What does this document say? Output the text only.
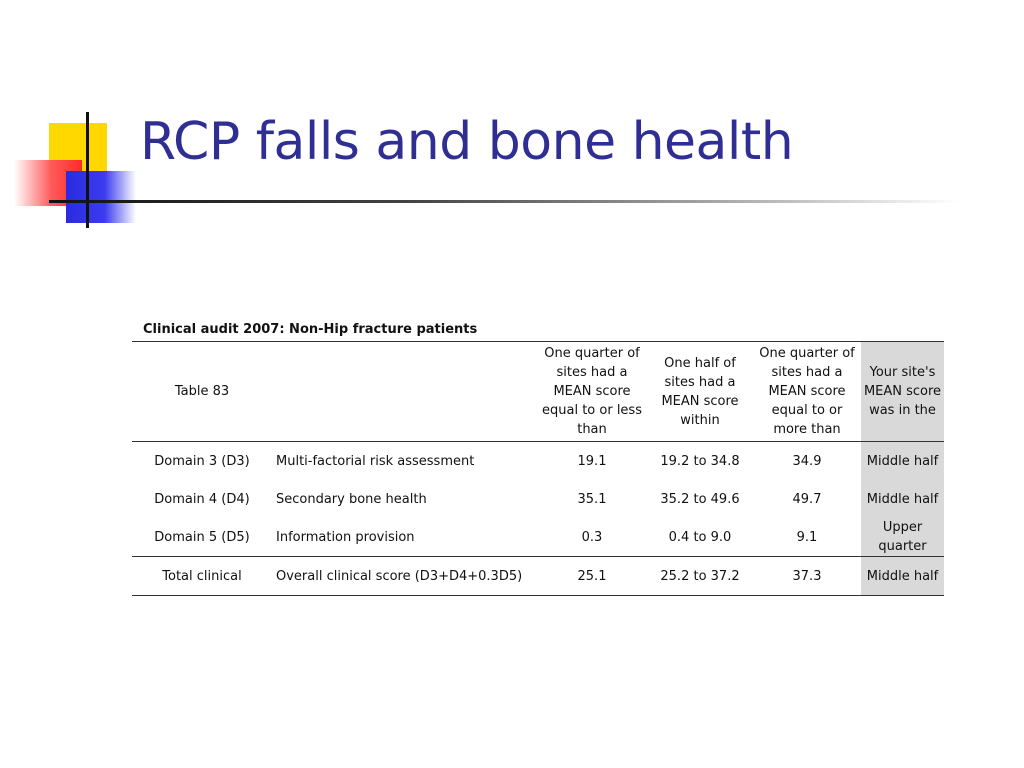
RCP falls and bone health
Clinical audit 2007: Non-Hip fracture patients
Table 83		One quarter of sites had a MEAN score equal to or less than	One half of sites had a MEAN score within	One quarter of sites had a MEAN score equal to or more than	Your site's MEAN score was in the
Domain 3 (D3)	Multi-factorial risk assessment	19.1	19.2 to 34.8	34.9	Middle half
Domain 4 (D4)	Secondary bone health	35.1	35.2 to 49.6	49.7	Middle half
Domain 5 (D5)	Information provision	0.3	0.4 to 9.0	9.1	Upper quarter
Total clinical	Overall clinical score (D3+D4+0.3D5)	25.1	25.2 to 37.2	37.3	Middle half
